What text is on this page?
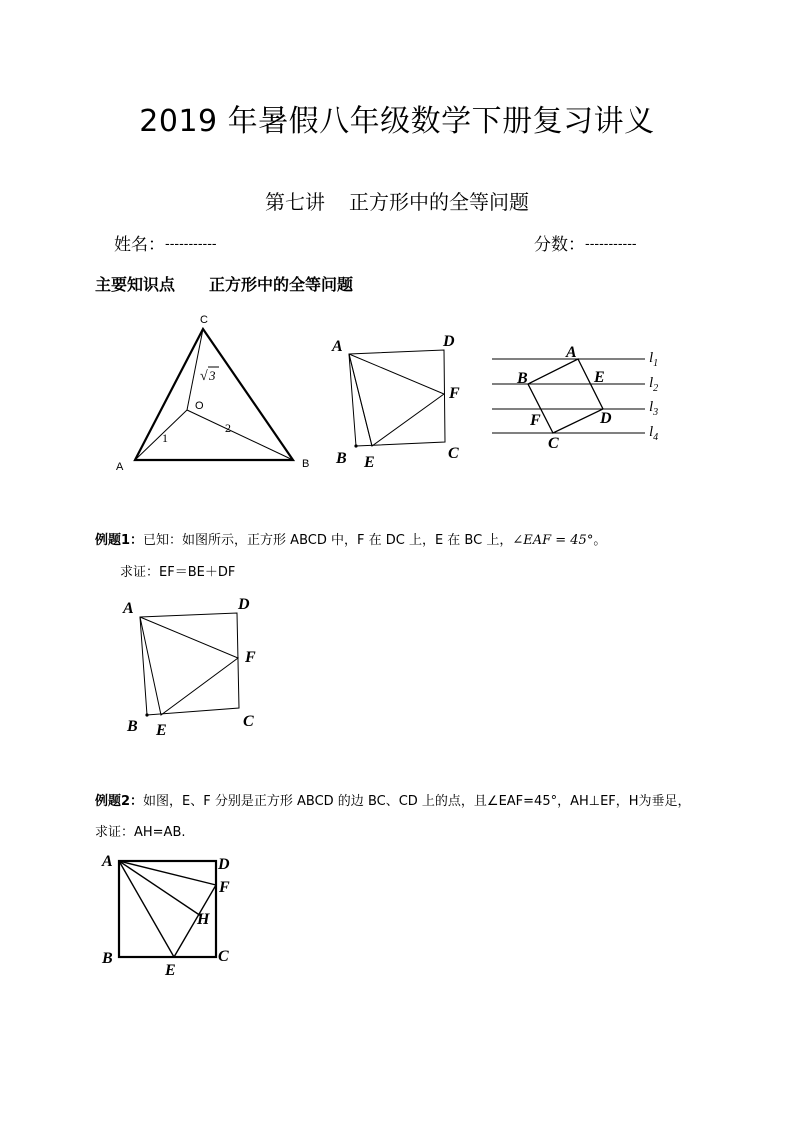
2019 年暑假八年级数学下册复习讲义
第七讲 正方形中的全等问题
姓名：-----------	分数：-----------
主要知识点 正方形中的全等问题
C
A	B
O
1
2
√ 3
A	D
F
B E
C
A
B	E
D
F
C
$l_1$
$l_2$
$l_3$
$l_4$
例题1：已知：如图所示，正方形 ABCD 中，F 在 DC 上，E 在 BC 上，∠EAF = 45°。
求证：EF＝BE＋DF
A	D
F
B E
C
例题2：如图，E、F 分别是正方形 ABCD 的边 BC、CD 上的点，且∠EAF=45°，AH⊥EF，H为垂足，
求证：AH=AB.
A	D
F
H
B
E
C
